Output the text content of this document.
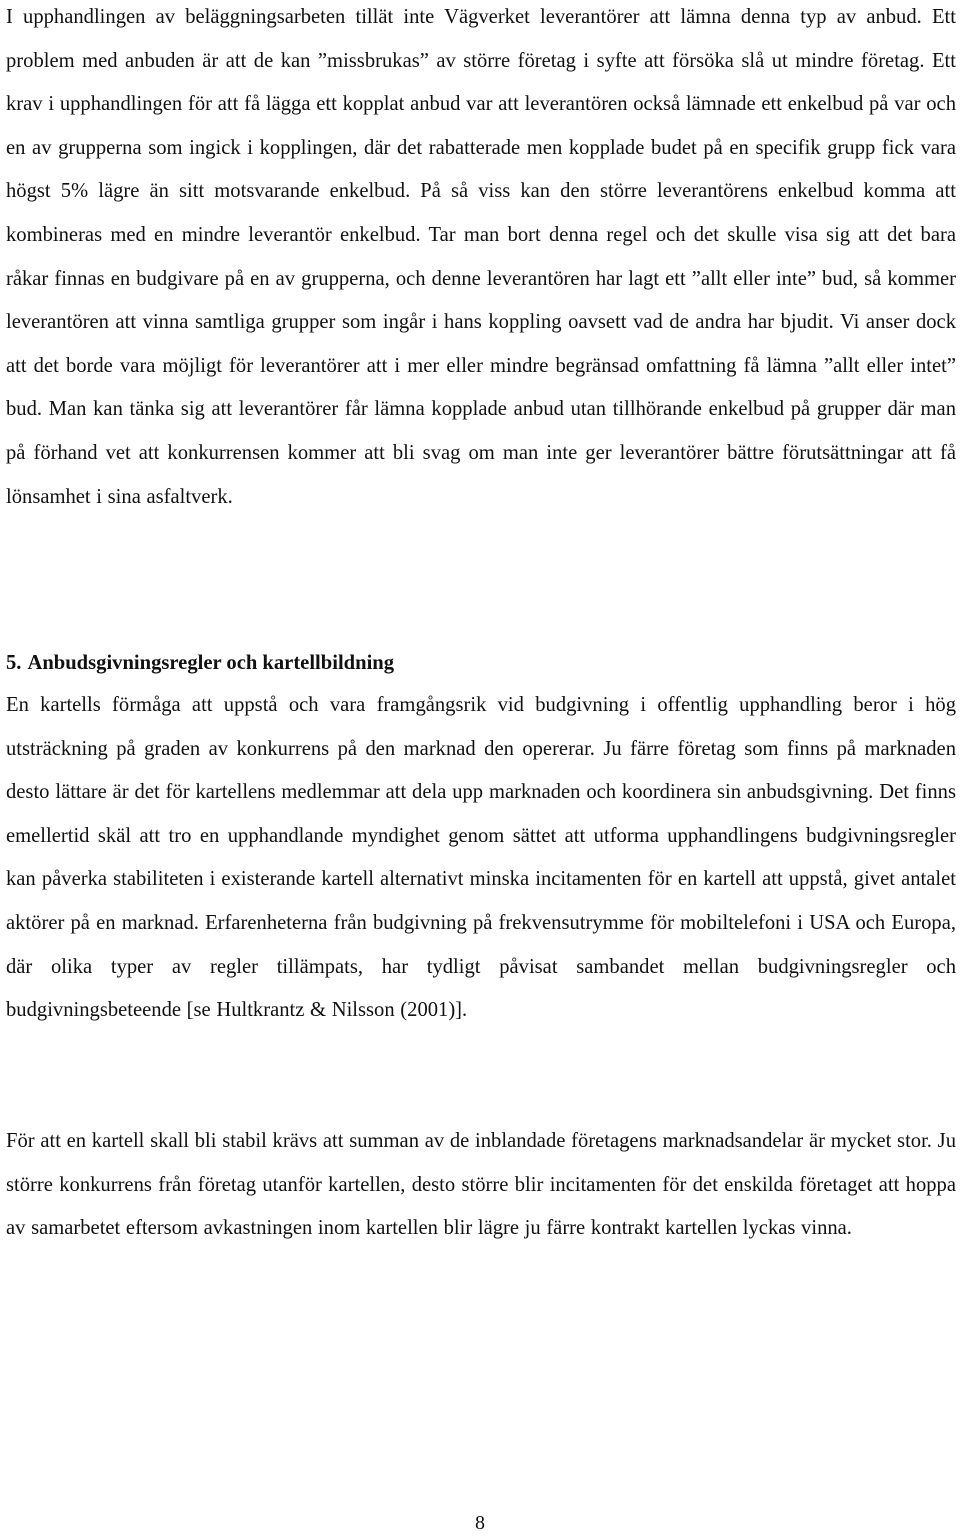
I upphandlingen av beläggningsarbeten tillät inte Vägverket leverantörer att lämna denna typ av anbud. Ett problem med anbuden är att de kan ”missbrukas” av större företag i syfte att försöka slå ut mindre företag. Ett krav i upphandlingen för att få lägga ett kopplat anbud var att leverantören också lämnade ett enkelbud på var och en av grupperna som ingick i kopplingen, där det rabatterade men kopplade budet på en specifik grupp fick vara högst 5% lägre än sitt motsvarande enkelbud. På så viss kan den större leverantörens enkelbud komma att kombineras med en mindre leverantör enkelbud. Tar man bort denna regel och det skulle visa sig att det bara råkar finnas en budgivare på en av grupperna, och denne leverantören har lagt ett ”allt eller inte” bud, så kommer leverantören att vinna samtliga grupper som ingår i hans koppling oavsett vad de andra har bjudit. Vi anser dock att det borde vara möjligt för leverantörer att i mer eller mindre begränsad omfattning få lämna ”allt eller intet” bud. Man kan tänka sig att leverantörer får lämna kopplade anbud utan tillhörande enkelbud på grupper där man på förhand vet att konkurrensen kommer att bli svag om man inte ger leverantörer bättre förutsättningar att få lönsamhet i sina asfaltverk.

5. Anbudsgivningsregler och kartellbildning

En kartells förmåga att uppstå och vara framgångsrik vid budgivning i offentlig upphandling beror i hög utsträckning på graden av konkurrens på den marknad den opererar. Ju färre företag som finns på marknaden desto lättare är det för kartellens medlemmar att dela upp marknaden och koordinera sin anbudsgivning. Det finns emellertid skäl att tro en upphandlande myndighet genom sättet att utforma upphandlingens budgivningsregler kan påverka stabiliteten i existerande kartell alternativt minska incitamenten för en kartell att uppstå, givet antalet aktörer på en marknad. Erfarenheterna från budgivning på frekvensutrymme för mobiltelefoni i USA och Europa, där olika typer av regler tillämpats, har tydligt påvisat sambandet mellan budgivningsregler och budgivningsbeteende [se Hultkrantz & Nilsson (2001)].

För att en kartell skall bli stabil krävs att summan av de inblandade företagens marknadsandelar är mycket stor. Ju större konkurrens från företag utanför kartellen, desto större blir incitamenten för det enskilda företaget att hoppa av samarbetet eftersom avkastningen inom kartellen blir lägre ju färre kontrakt kartellen lyckas vinna.

8
